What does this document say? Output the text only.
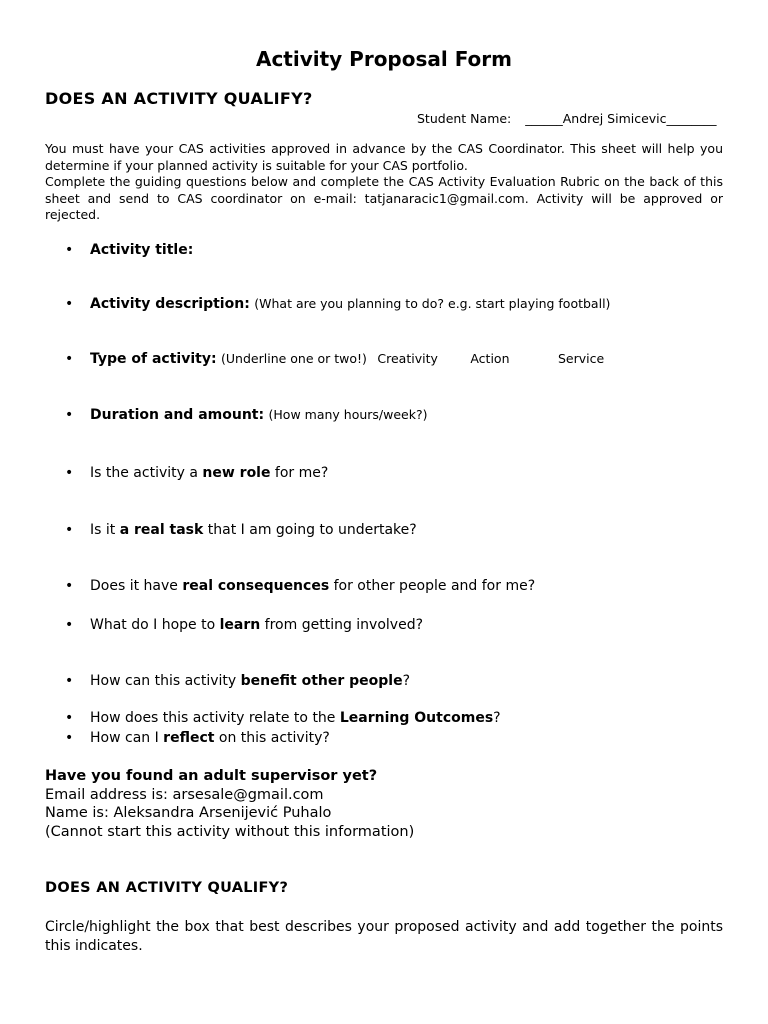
Activity Proposal Form
DOES AN ACTIVITY QUALIFY?
Student Name: ______Andrej Simicevic________

You must have your CAS activities approved in advance by the CAS Coordinator. This sheet will help you determine if your planned activity is suitable for your CAS portfolio.

Complete the guiding questions below and complete the CAS Activity Evaluation Rubric on the back of this sheet and send to CAS coordinator on e-mail: tatjanaracic1@gmail.com. Activity will be approved or rejected.

• Activity title:
• Activity description: (What are you planning to do? e.g. start playing football)
• Type of activity: (Underline one or two!) Creativity	Action	Service
• Duration and amount: (How many hours/week?)
• Is the activity a new role for me?
• Is it a real task that I am going to undertake?
• Does it have real consequences for other people and for me?
• What do I hope to learn from getting involved?
• How can this activity benefit other people?
• How does this activity relate to the Learning Outcomes?
• How can I reflect on this activity?
Have you found an adult supervisor yet?
Email address is: arsesale@gmail.com
Name is: Aleksandra Arsenijević Puhalo
(Cannot start this activity without this information)
DOES AN ACTIVITY QUALIFY?
Circle/highlight the box that best describes your proposed activity and add together the points this indicates.
